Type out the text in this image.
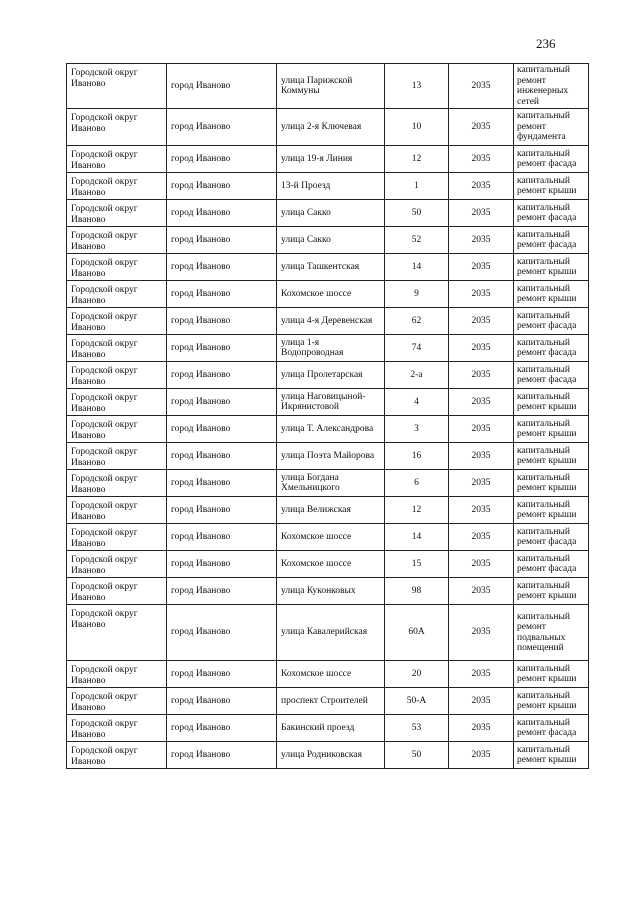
236
Городской округ Иваново	город Иваново	улица Парижской Коммуны	13	2035	капитальный ремонт инженерных сетей
Городской округ Иваново	город Иваново	улица 2-я Ключевая	10	2035	капитальный ремонт фундамента
Городской округ Иваново	город Иваново	улица 19-я Линия	12	2035	капитальный ремонт фасада
Городской округ Иваново	город Иваново	13-й Проезд	1	2035	капитальный ремонт крыши
Городской округ Иваново	город Иваново	улица Сакко	50	2035	капитальный ремонт фасада
Городской округ Иваново	город Иваново	улица Сакко	52	2035	капитальный ремонт фасада
Городской округ Иваново	город Иваново	улица Ташкентская	14	2035	капитальный ремонт крыши
Городской округ Иваново	город Иваново	Кохомское шоссе	9	2035	капитальный ремонт крыши
Городской округ Иваново	город Иваново	улица 4-я Деревенская	62	2035	капитальный ремонт фасада
Городской округ Иваново	город Иваново	улица 1-я Водопроводная	74	2035	капитальный ремонт фасада
Городской округ Иваново	город Иваново	улица Пролетарская	2-а	2035	капитальный ремонт фасада
Городской округ Иваново	город Иваново	улица Наговицыной-Икрянистовой	4	2035	капитальный ремонт крыши
Городской округ Иваново	город Иваново	улица Т. Александрова	3	2035	капитальный ремонт крыши
Городской округ Иваново	город Иваново	улица Поэта Майорова	16	2035	капитальный ремонт крыши
Городской округ Иваново	город Иваново	улица Богдана Хмельницкого	6	2035	капитальный ремонт крыши
Городской округ Иваново	город Иваново	улица Велижская	12	2035	капитальный ремонт крыши
Городской округ Иваново	город Иваново	Кохомское шоссе	14	2035	капитальный ремонт фасада
Городской округ Иваново	город Иваново	Кохомское шоссе	15	2035	капитальный ремонт фасада
Городской округ Иваново	город Иваново	улица Куконковых	98	2035	капитальный ремонт крыши
Городской округ Иваново	город Иваново	улица Кавалерийская	60А	2035	капитальный ремонт подвальных помещений
Городской округ Иваново	город Иваново	Кохомское шоссе	20	2035	капитальный ремонт крыши
Городской округ Иваново	город Иваново	проспект Строителей	50-А	2035	капитальный ремонт крыши
Городской округ Иваново	город Иваново	Бакинский проезд	53	2035	капитальный ремонт фасада
Городской округ Иваново	город Иваново	улица Родниковская	50	2035	капитальный ремонт крыши
